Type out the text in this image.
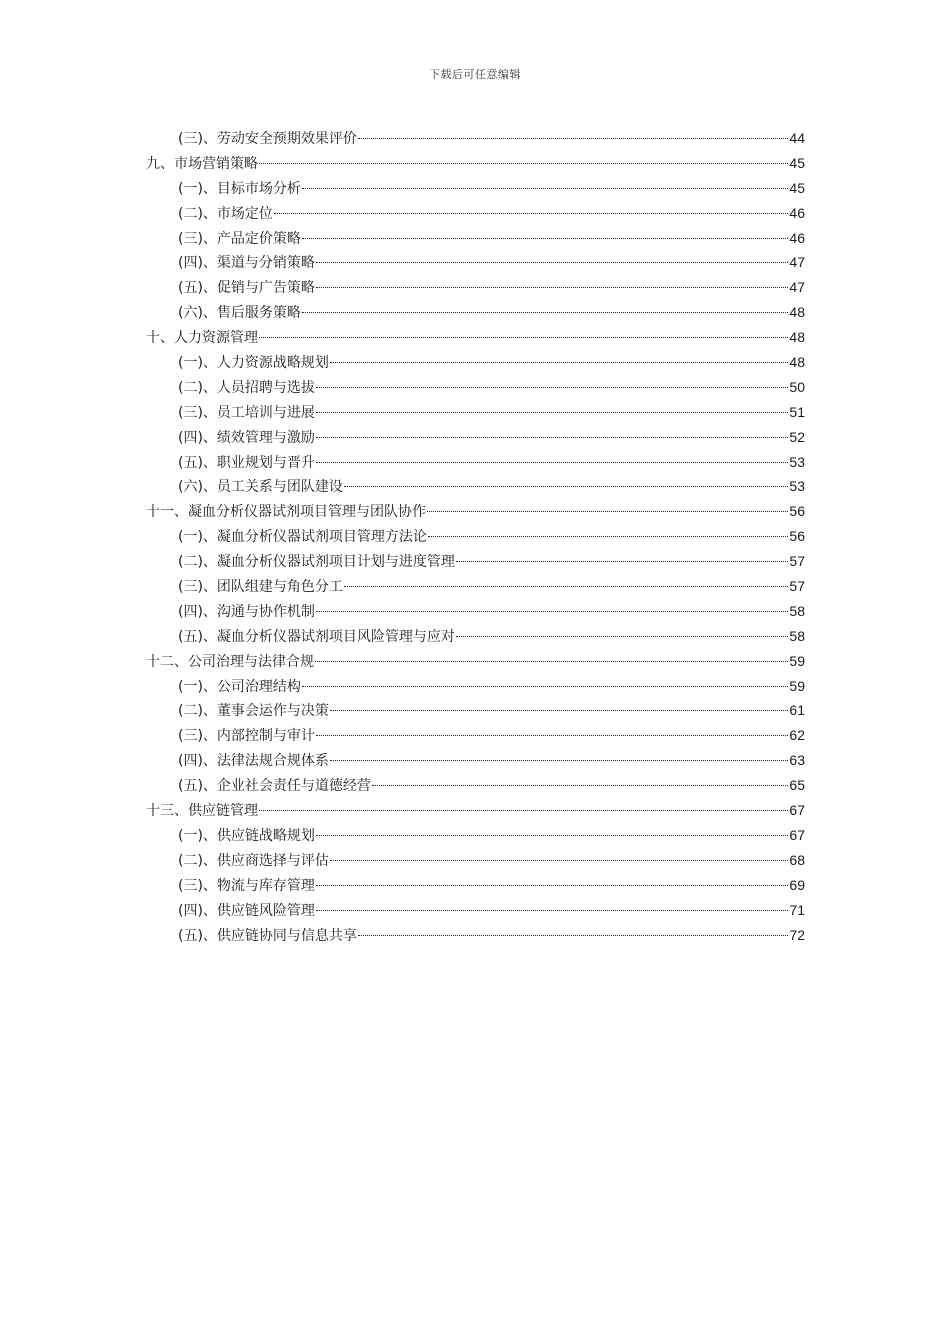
下载后可任意编辑
(三)、劳动安全预期效果评价	44
九、市场营销策略	45
(一)、目标市场分析	45
(二)、市场定位	46
(三)、产品定价策略	46
(四)、渠道与分销策略	47
(五)、促销与广告策略	47
(六)、售后服务策略	48
十、人力资源管理	48
(一)、人力资源战略规划	48
(二)、人员招聘与选拔	50
(三)、员工培训与进展	51
(四)、绩效管理与激励	52
(五)、职业规划与晋升	53
(六)、员工关系与团队建设	53
十一、凝血分析仪器试剂项目管理与团队协作	56
(一)、凝血分析仪器试剂项目管理方法论	56
(二)、凝血分析仪器试剂项目计划与进度管理	57
(三)、团队组建与角色分工	57
(四)、沟通与协作机制	58
(五)、凝血分析仪器试剂项目风险管理与应对	58
十二、公司治理与法律合规	59
(一)、公司治理结构	59
(二)、董事会运作与决策	61
(三)、内部控制与审计	62
(四)、法律法规合规体系	63
(五)、企业社会责任与道德经营	65
十三、供应链管理	67
(一)、供应链战略规划	67
(二)、供应商选择与评估	68
(三)、物流与库存管理	69
(四)、供应链风险管理	71
(五)、供应链协同与信息共享	72
